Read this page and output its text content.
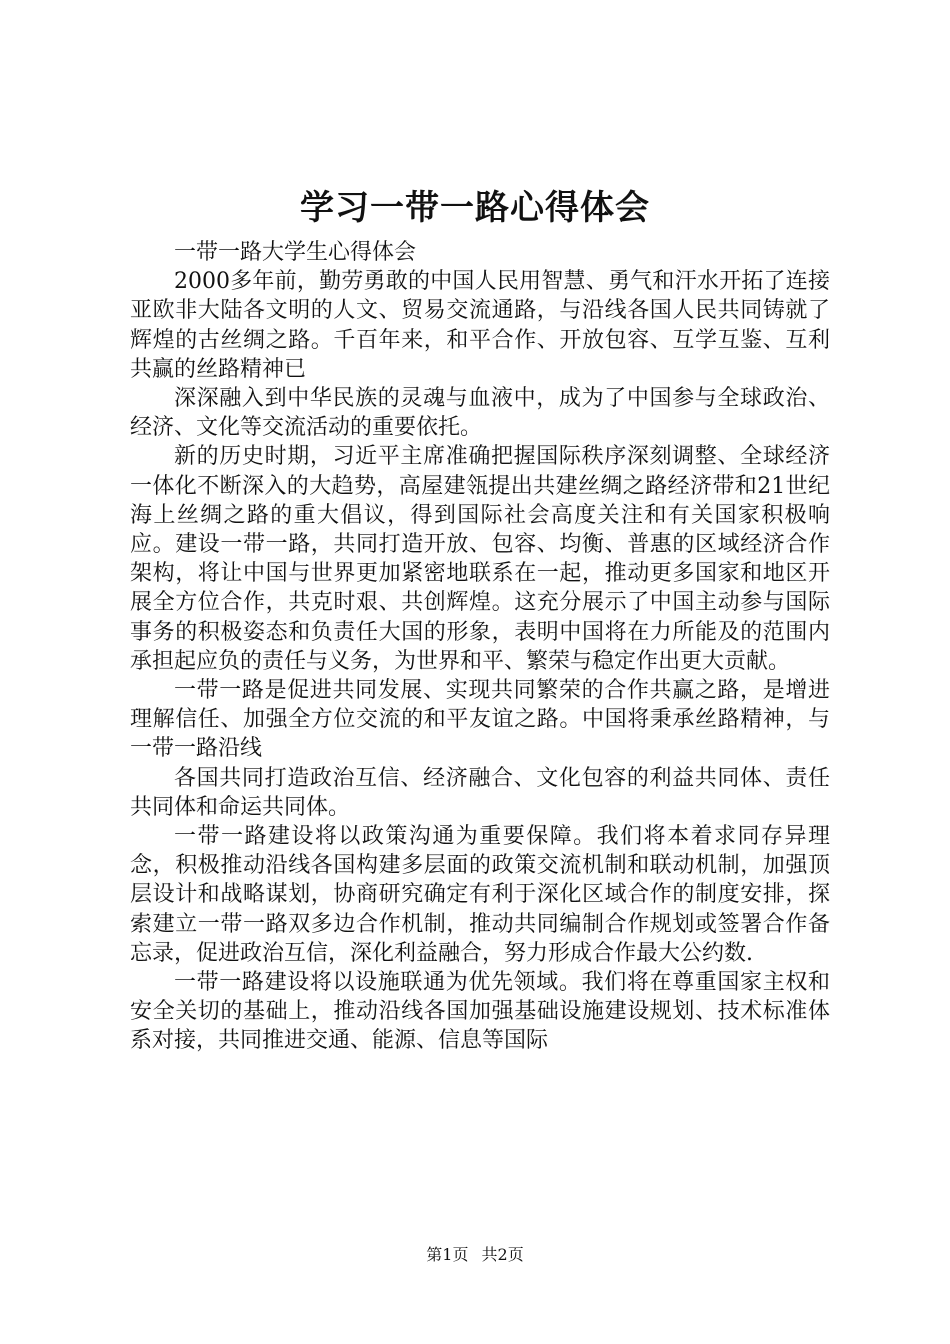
学习一带一路心得体会

一带一路大学生心得体会

2000多年前，勤劳勇敢的中国人民用智慧、勇气和汗水开拓了连接亚欧非大陆各文明的人文、贸易交流通路，与沿线各国人民共同铸就了辉煌的古丝绸之路。千百年来，和平合作、开放包容、互学互鉴、互利共赢的丝路精神已

深深融入到中华民族的灵魂与血液中，成为了中国参与全球政治、经济、文化等交流活动的重要依托。

新的历史时期，习近平主席准确把握国际秩序深刻调整、全球经济一体化不断深入的大趋势，高屋建瓴提出共建丝绸之路经济带和21世纪海上丝绸之路的重大倡议，得到国际社会高度关注和有关国家积极响应。建设一带一路，共同打造开放、包容、均衡、普惠的区域经济合作架构，将让中国与世界更加紧密地联系在一起，推动更多国家和地区开展全方位合作，共克时艰、共创辉煌。这充分展示了中国主动参与国际事务的积极姿态和负责任大国的形象，表明中国将在力所能及的范围内承担起应负的责任与义务，为世界和平、繁荣与稳定作出更大贡献。

一带一路是促进共同发展、实现共同繁荣的合作共赢之路，是增进理解信任、加强全方位交流的和平友谊之路。中国将秉承丝路精神，与一带一路沿线

各国共同打造政治互信、经济融合、文化包容的利益共同体、责任共同体和命运共同体。

一带一路建设将以政策沟通为重要保障。我们将本着求同存异理念，积极推动沿线各国构建多层面的政策交流机制和联动机制，加强顶层设计和战略谋划，协商研究确定有利于深化区域合作的制度安排，探索建立一带一路双多边合作机制，推动共同编制合作规划或签署合作备忘录，促进政治互信，深化利益融合，努力形成合作最大公约数.

一带一路建设将以设施联通为优先领域。我们将在尊重国家主权和安全关切的基础上，推动沿线各国加强基础设施建设规划、技术标准体系对接，共同推进交通、能源、信息等国际

第1页 共2页
